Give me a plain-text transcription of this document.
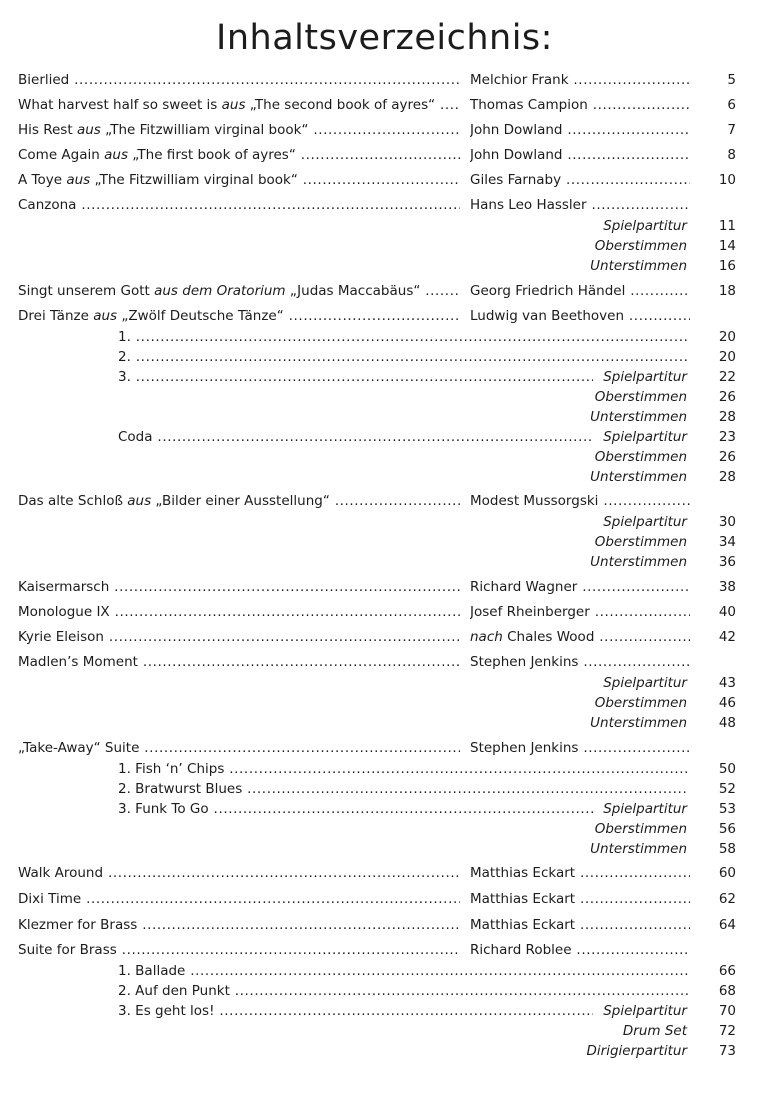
Inhaltsverzeichnis:
Bierlied .....	Melchior Frank .....	5
What harvest half so sweet is aus „The second book of ayres“ .....	Thomas Campion .....	6
His Rest aus „The Fitzwilliam virginal book“ .....	John Dowland .....	7
Come Again aus „The first book of ayres“ .....	John Dowland .....	8
A Toye aus „The Fitzwilliam virginal book“ .....	Giles Farnaby .....	10
Canzona .....	Hans Leo Hassler .....
Spielpartitur	11
Oberstimmen	14
Unterstimmen	16
Singt unserem Gott aus dem Oratorium „Judas Maccabäus“ .....	Georg Friedrich Händel .....	18
Drei Tänze aus „Zwölf Deutsche Tänze“ .....	Ludwig van Beethoven .....
1. .....	20
2. .....	20
3. .....	Spielpartitur	22
Oberstimmen	26
Unterstimmen	28
Coda .....	Spielpartitur	23
Oberstimmen	26
Unterstimmen	28
Das alte Schloß aus „Bilder einer Ausstellung“ .....	Modest Mussorgski .....
Spielpartitur	30
Oberstimmen	34
Unterstimmen	36
Kaisermarsch .....	Richard Wagner .....	38
Monologue IX .....	Josef Rheinberger .....	40
Kyrie Eleison .....	nach Chales Wood .....	42
Madlen’s Moment .....	Stephen Jenkins .....
Spielpartitur	43
Oberstimmen	46
Unterstimmen	48
„Take-Away“ Suite .....	Stephen Jenkins .....
1. Fish ‘n’ Chips .....	50
2. Bratwurst Blues .....	52
3. Funk To Go .....	Spielpartitur	53
Oberstimmen	56
Unterstimmen	58
Walk Around .....	Matthias Eckart .....	60
Dixi Time .....	Matthias Eckart .....	62
Klezmer for Brass .....	Matthias Eckart .....	64
Suite for Brass .....	Richard Roblee .....
1. Ballade .....	66
2. Auf den Punkt .....	68
3. Es geht los! .....	Spielpartitur	70
Drum Set	72
Dirigierpartitur	73
